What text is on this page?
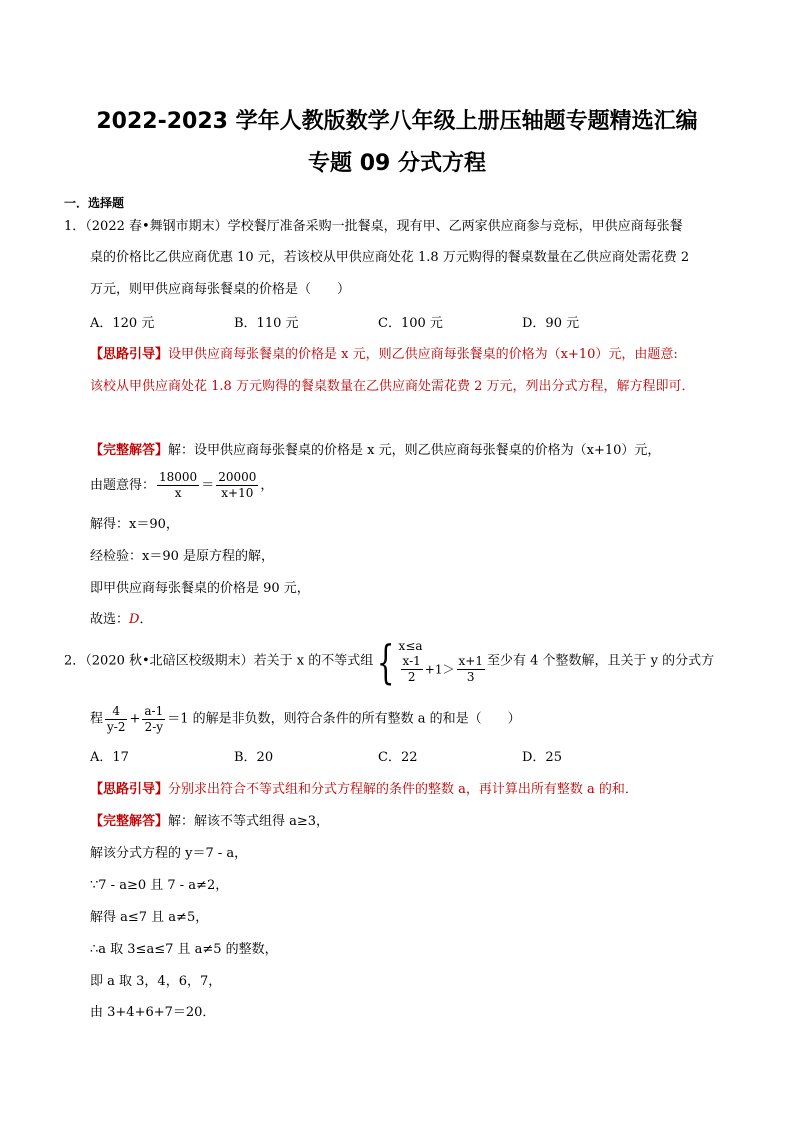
2022-2023 学年人教版数学八年级上册压轴题专题精选汇编
专题 09 分式方程
一．选择题
1．（2022 春•舞钢市期末）学校餐厅准备采购一批餐桌，现有甲、乙两家供应商参与竞标，甲供应商每张餐
桌的价格比乙供应商优惠 10 元，若该校从甲供应商处花 1.8 万元购得的餐桌数量在乙供应商处需花费 2
万元，则甲供应商每张餐桌的价格是（　　）
A．120 元	B．110 元	C．100 元	D．90 元
【思路引导】设甲供应商每张餐桌的价格是 x 元，则乙供应商每张餐桌的价格为（x+10）元，由题意:
该校从甲供应商处花 1.8 万元购得的餐桌数量在乙供应商处需花费 2 万元，列出分式方程，解方程即可．
【完整解答】解：设甲供应商每张餐桌的价格是 x 元，则乙供应商每张餐桌的价格为（x+10）元，
由题意得： $\frac{18000}{x} = \frac{20000}{x+10}$ ，
解得：x＝90，
经检验：x＝90 是原方程的解，
即甲供应商每张餐桌的价格是 90 元，
故选：D．
2．（2020 秋•北碚区校级期末）若关于 x 的不等式组{ x≤a
$\frac{x-1}{2} +1> \frac{x+1}{3}$ 至少有 4 个整数解，且关于 y 的分式方
程 $\frac{4}{y-2} + \frac{a-1}{2-y} =1$ 的解是非负数，则符合条件的所有整数 a 的和是（　　）
A．17	B．20	C．22	D．25
【思路引导】分别求出符合不等式组和分式方程解的条件的整数 a，再计算出所有整数 a 的和．
【完整解答】解：解该不等式组得 a≥3，
解该分式方程的 y＝7 - a，
∵7 - a≥0 且 7 - a≠2，
解得 a≤7 且 a≠5，
∴a 取 3≤a≤7 且 a≠5 的整数，
即 a 取 3，4，6，7，
由 3+4+6+7＝20．
